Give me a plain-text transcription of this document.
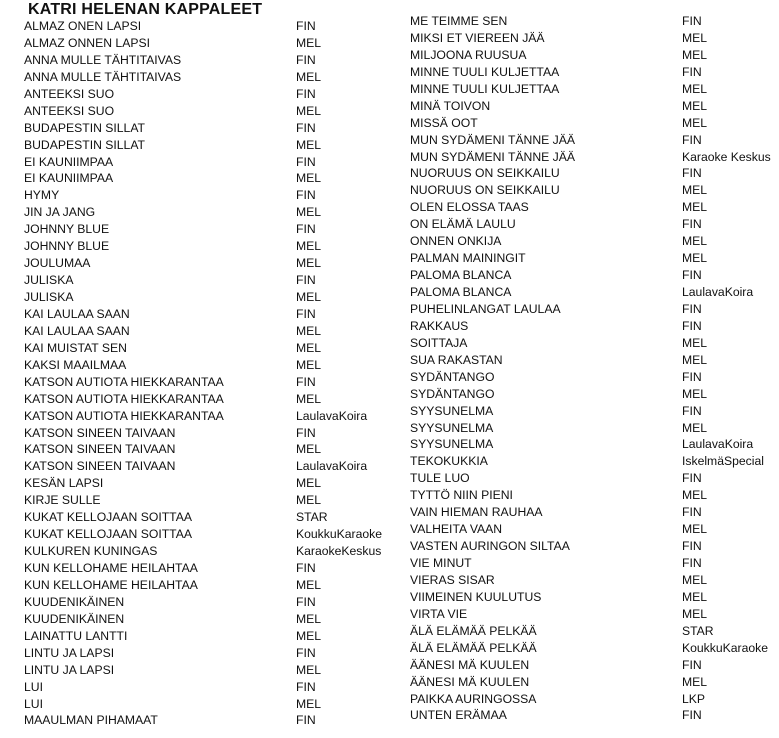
KATRI HELENAN KAPPALEET
ALMAZ ONEN LAPSI	FIN
ALMAZ ONNEN LAPSI	MEL
ANNA MULLE TÄHTITAIVAS	FIN
ANNA MULLE TÄHTITAIVAS	MEL
ANTEEKSI SUO	FIN
ANTEEKSI SUO	MEL
BUDAPESTIN SILLAT	FIN
BUDAPESTIN SILLAT	MEL
EI KAUNIIMPAA	FIN
EI KAUNIIMPAA	MEL
HYMY	FIN
JIN JA JANG	MEL
JOHNNY BLUE	FIN
JOHNNY BLUE	MEL
JOULUMAA	MEL
JULISKA	FIN
JULISKA	MEL
KAI LAULAA SAAN	FIN
KAI LAULAA SAAN	MEL
KAI MUISTAT SEN	MEL
KAKSI MAAILMAA	MEL
KATSON AUTIOTA HIEKKARANTAA	FIN
KATSON AUTIOTA HIEKKARANTAA	MEL
KATSON AUTIOTA HIEKKARANTAA	LaulavaKoira
KATSON SINEEN TAIVAAN	FIN
KATSON SINEEN TAIVAAN	MEL
KATSON SINEEN TAIVAAN	LaulavaKoira
KESÄN LAPSI	MEL
KIRJE SULLE	MEL
KUKAT KELLOJAAN SOITTAA	STAR
KUKAT KELLOJAAN SOITTAA	KoukkuKaraoke
KULKUREN KUNINGAS	KaraokeKeskus
KUN KELLOHAME HEILAHTAA	FIN
KUN KELLOHAME HEILAHTAA	MEL
KUUDENIKÄINEN	FIN
KUUDENIKÄINEN	MEL
LAINATTU LANTTI	MEL
LINTU JA LAPSI	FIN
LINTU JA LAPSI	MEL
LUI	FIN
LUI	MEL
MAAULMAN PIHAMAAT	FIN
ME TEIMME SEN	FIN
MIKSI ET VIEREEN JÄÄ	MEL
MILJOONA RUUSUA	MEL
MINNE TUULI KULJETTAA	FIN
MINNE TUULI KULJETTAA	MEL
MINÄ TOIVON	MEL
MISSÄ OOT	MEL
MUN SYDÄMENI TÄNNE JÄÄ	FIN
MUN SYDÄMENI TÄNNE JÄÄ	Karaoke Keskus
NUORUUS ON SEIKKAILU	FIN
NUORUUS ON SEIKKAILU	MEL
OLEN ELOSSA TAAS	MEL
ON ELÄMÄ LAULU	FIN
ONNEN ONKIJA	MEL
PALMAN MAININGIT	MEL
PALOMA BLANCA	FIN
PALOMA BLANCA	LaulavaKoira
PUHELINLANGAT LAULAA	FIN
RAKKAUS	FIN
SOITTAJA	MEL
SUA RAKASTAN	MEL
SYDÄNTANGO	FIN
SYDÄNTANGO	MEL
SYYSUNELMA	FIN
SYYSUNELMA	MEL
SYYSUNELMA	LaulavaKoira
TEKOKUKKIA	IskelmäSpecial
TULE LUO	FIN
TYTTÖ NIIN PIENI	MEL
VAIN HIEMAN RAUHAA	FIN
VALHEITA VAAN	MEL
VASTEN AURINGON SILTAA	FIN
VIE MINUT	FIN
VIERAS SISAR	MEL
VIIMEINEN KUULUTUS	MEL
VIRTA VIE	MEL
ÄLÄ ELÄMÄÄ PELKÄÄ	STAR
ÄLÄ ELÄMÄÄ PELKÄÄ	KoukkuKaraoke
ÄÄNESI MÄ KUULEN	FIN
ÄÄNESI MÄ KUULEN	MEL
PAIKKA AURINGOSSA	LKP
UNTEN ERÄMAA	FIN
